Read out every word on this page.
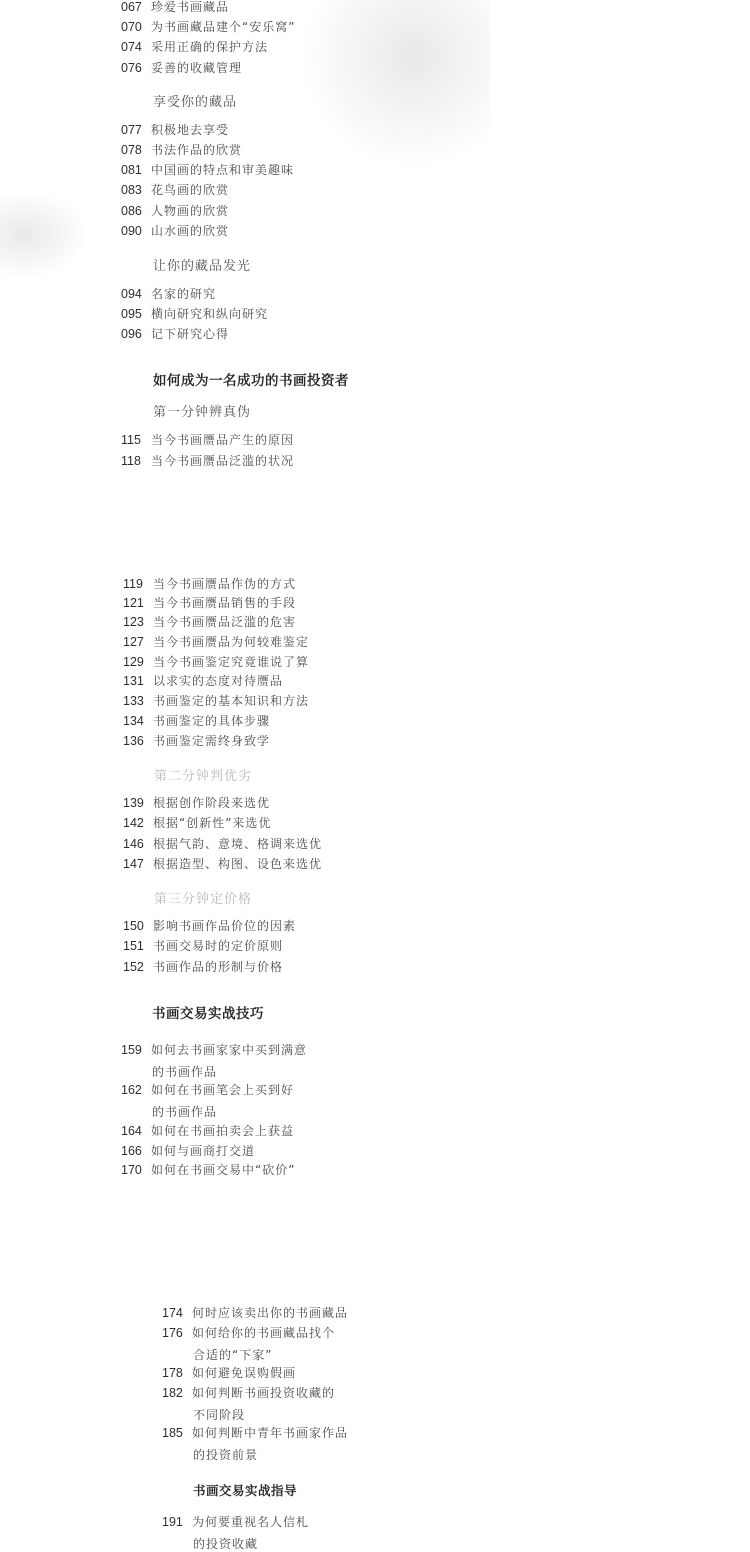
067 珍爱书画藏品
070 为书画藏品建个“安乐窝”
074 采用正确的保护方法
076 妥善的收藏管理
享受你的藏品
077 积极地去享受
078 书法作品的欣赏
081 中国画的特点和审美趣味
083 花鸟画的欣赏
086 人物画的欣赏
090 山水画的欣赏
让你的藏品发光
094 名家的研究
095 横向研究和纵向研究
096 记下研究心得
如何成为一名成功的书画投资者
第一分钟辨真伪
115 当今书画赝品产生的原因
118 当今书画赝品泛滥的状况
119 当今书画赝品作伪的方式
121 当今书画赝品销售的手段
123 当今书画赝品泛滥的危害
127 当今书画赝品为何较难鉴定
129 当今书画鉴定究竟谁说了算
131 以求实的态度对待赝品
133 书画鉴定的基本知识和方法
134 书画鉴定的具体步骤
136 书画鉴定需终身致学
第二分钟判优劣
139 根据创作阶段来选优
142 根据“创新性”来选优
146 根据气韵、意境、格调来选优
147 根据造型、构图、设色来选优
第三分钟定价格
150 影响书画作品价位的因素
151 书画交易时的定价原则
152 书画作品的形制与价格
书画交易实战技巧
159 如何去书画家家中买到满意
的书画作品
162 如何在书画笔会上买到好
的书画作品
164 如何在书画拍卖会上获益
166 如何与画商打交道
170 如何在书画交易中“砍价”
174 何时应该卖出你的书画藏品
176 如何给你的书画藏品找个
合适的“下家”
178 如何避免误购假画
182 如何判断书画投资收藏的
不同阶段
185 如何判断中青年书画家作品
的投资前景
书画交易实战指导
191 为何要重视名人信札
的投资收藏
